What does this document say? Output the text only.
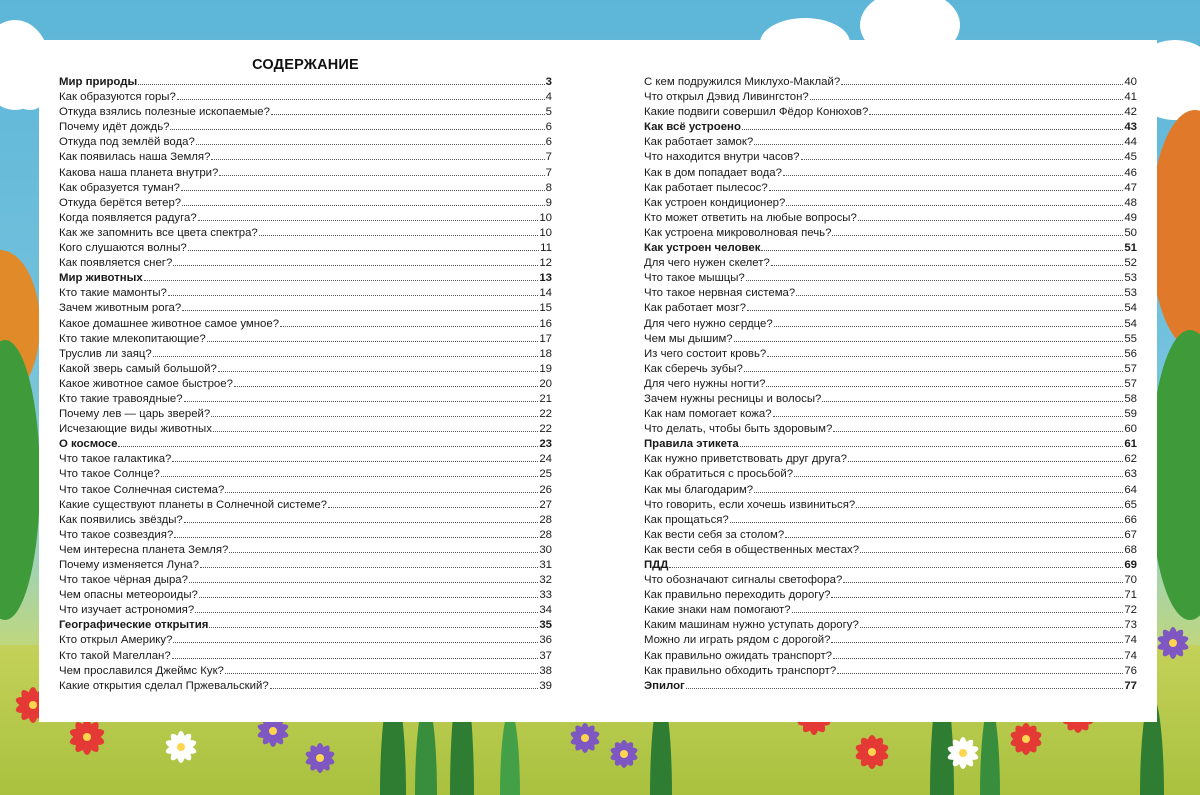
СОДЕРЖАНИЕ
Мир природы	3
Как образуются горы?	4
Откуда взялись полезные ископаемые?	5
Почему идёт дождь?	6
Откуда под землёй вода?	6
Как появилась наша Земля?	7
Какова наша планета внутри?	7
Как образуется туман?	8
Откуда берётся ветер?	9
Когда появляется радуга?	10
Как же запомнить все цвета спектра?	10
Кого слушаются волны?	11
Как появляется снег?	12
Мир животных	13
Кто такие мамонты?	14
Зачем животным рога?	15
Какое домашнее животное самое умное?	16
Кто такие млекопитающие?	17
Труслив ли заяц?	18
Какой зверь самый большой?	19
Какое животное самое быстрое?	20
Кто такие травоядные?	21
Почему лев — царь зверей?	22
Исчезающие виды животных	22
О космосе	23
Что такое галактика?	24
Что такое Солнце?	25
Что такое Солнечная система?	26
Какие существуют планеты в Солнечной системе?	27
Как появились звёзды?	28
Что такое созвездия?	28
Чем интересна планета Земля?	30
Почему изменяется Луна?	31
Что такое чёрная дыра?	32
Чем опасны метеороиды?	33
Что изучает астрономия?	34
Географические открытия	35
Кто открыл Америку?	36
Кто такой Магеллан?	37
Чем прославился Джеймс Кук?	38
Какие открытия сделал Пржевальский?	39
С кем подружился Миклухо-Маклай?	40
Что открыл Дэвид Ливингстон?	41
Какие подвиги совершил Фёдор Конюхов?	42
Как всё устроено	43
Как работает замок?	44
Что находится внутри часов?	45
Как в дом попадает вода?	46
Как работает пылесос?	47
Как устроен кондиционер?	48
Кто может ответить на любые вопросы?	49
Как устроена микроволновая печь?	50
Как устроен человек	51
Для чего нужен скелет?	52
Что такое мышцы?	53
Что такое нервная система?	53
Как работает мозг?	54
Для чего нужно сердце?	54
Чем мы дышим?	55
Из чего состоит кровь?	56
Как сберечь зубы?	57
Для чего нужны ногти?	57
Зачем нужны ресницы и волосы?	58
Как нам помогает кожа?	59
Что делать, чтобы быть здоровым?	60
Правила этикета	61
Как нужно приветствовать друг друга?	62
Как обратиться с просьбой?	63
Как мы благодарим?	64
Что говорить, если хочешь извиниться?	65
Как прощаться?	66
Как вести себя за столом?	67
Как вести себя в общественных местах?	68
ПДД	69
Что обозначают сигналы светофора?	70
Как правильно переходить дорогу?	71
Какие знаки нам помогают?	72
Каким машинам нужно уступать дорогу?	73
Можно ли играть рядом с дорогой?	74
Как правильно ожидать транспорт?	74
Как правильно обходить транспорт?	76
Эпилог	77
